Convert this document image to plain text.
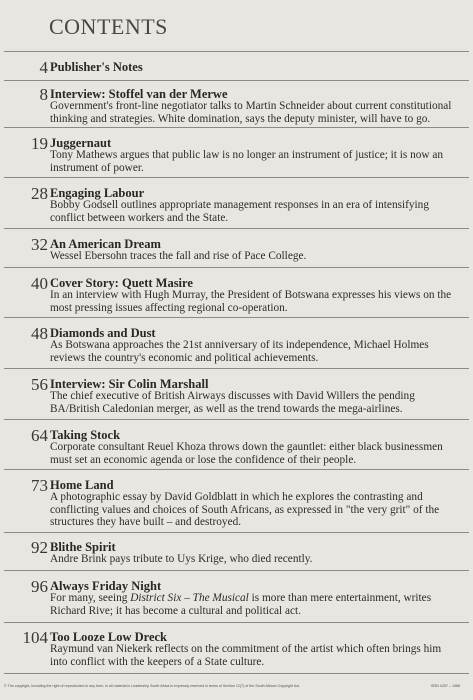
CONTENTS
4 Publisher's Notes
8 Interview: Stoffel van der Merwe
Government's front-line negotiator talks to Martin Schneider about current constitutional thinking and strategies. White domination, says the deputy minister, will have to go.
19 Juggernaut
Tony Mathews argues that public law is no longer an instrument of justice; it is now an instrument of power.
28 Engaging Labour
Bobby Godsell outlines appropriate management responses in an era of intensifying conflict between workers and the State.
32 An American Dream
Wessel Ebersohn traces the fall and rise of Pace College.
40 Cover Story: Quett Masire
In an interview with Hugh Murray, the President of Botswana expresses his views on the most pressing issues affecting regional co-operation.
48 Diamonds and Dust
As Botswana approaches the 21st anniversary of its independence, Michael Holmes reviews the country's economic and political achievements.
56 Interview: Sir Colin Marshall
The chief executive of British Airways discusses with David Willers the pending BA/British Caledonian merger, as well as the trend towards the mega-airlines.
64 Taking Stock
Corporate consultant Reuel Khoza throws down the gauntlet: either black businessmen must set an economic agenda or lose the confidence of their people.
73 Home Land
A photographic essay by David Goldblatt in which he explores the contrasting and conflicting values and choices of South Africans, as expressed in "the very grit" of the structures they have built – and destroyed.
92 Blithe Spirit
Andre Brink pays tribute to Uys Krige, who died recently.
96 Always Friday Night
For many, seeing District Six – The Musical is more than mere entertainment, writes Richard Rive; it has become a cultural and political act.
104 Too Looze Low Dreck
Raymund van Niekerk reflects on the commitment of the artist which often brings him into conflict with the keepers of a State culture.
© The copyright, including the right of reproduction in any form, in all material in Leadership South Africa is expressly reserved in terms of Section 12(7) of the South African Copyright Act.	ISSN 0257 – 1986
